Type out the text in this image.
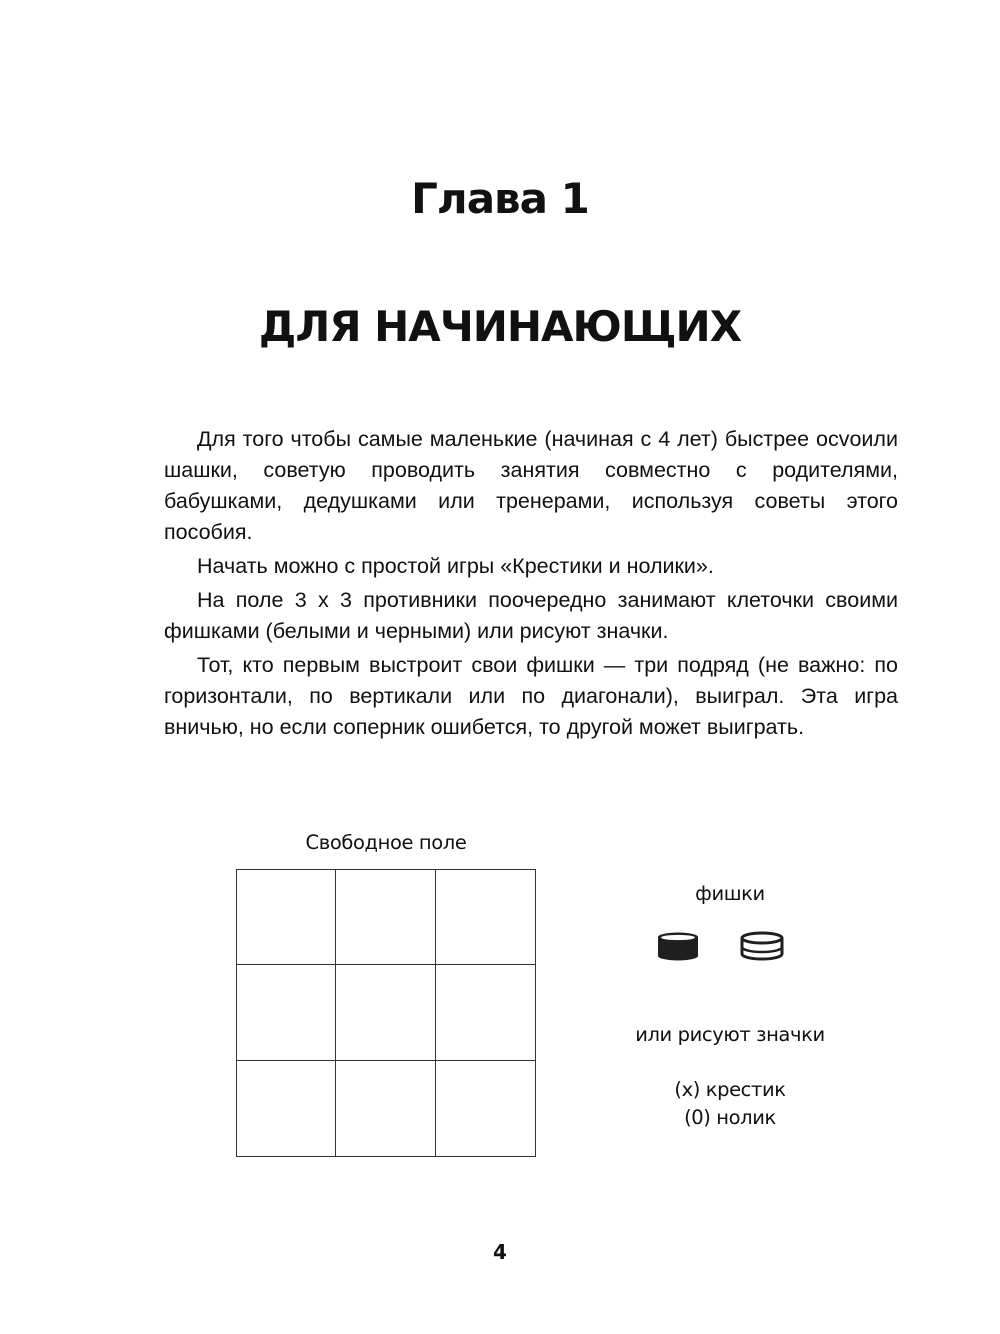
Глава 1
ДЛЯ НАЧИНАЮЩИХ

Для того чтобы самые маленькие (начиная с 4 лет) быстрее осvоили шашки, советую проводить занятия совместно с родителями, бабушками, дедушками или тренерами, используя советы этого пособия.

Начать можно с простой игры «Крестики и нолики».

На поле 3 х 3 противники поочередно занимают клеточки своими фишками (белыми и черными) или рисуют значки.

Тот, кто первым выстроит свои фишки — три подряд (не важно: по горизонтали, по вертикали или по диагонали), выиграл. Эта игра вничью, но если соперник ошибется, то другой может выиграть.

Свободное поле
фишки
или рисуют значки
(x) крестик
(0) нолик
4
